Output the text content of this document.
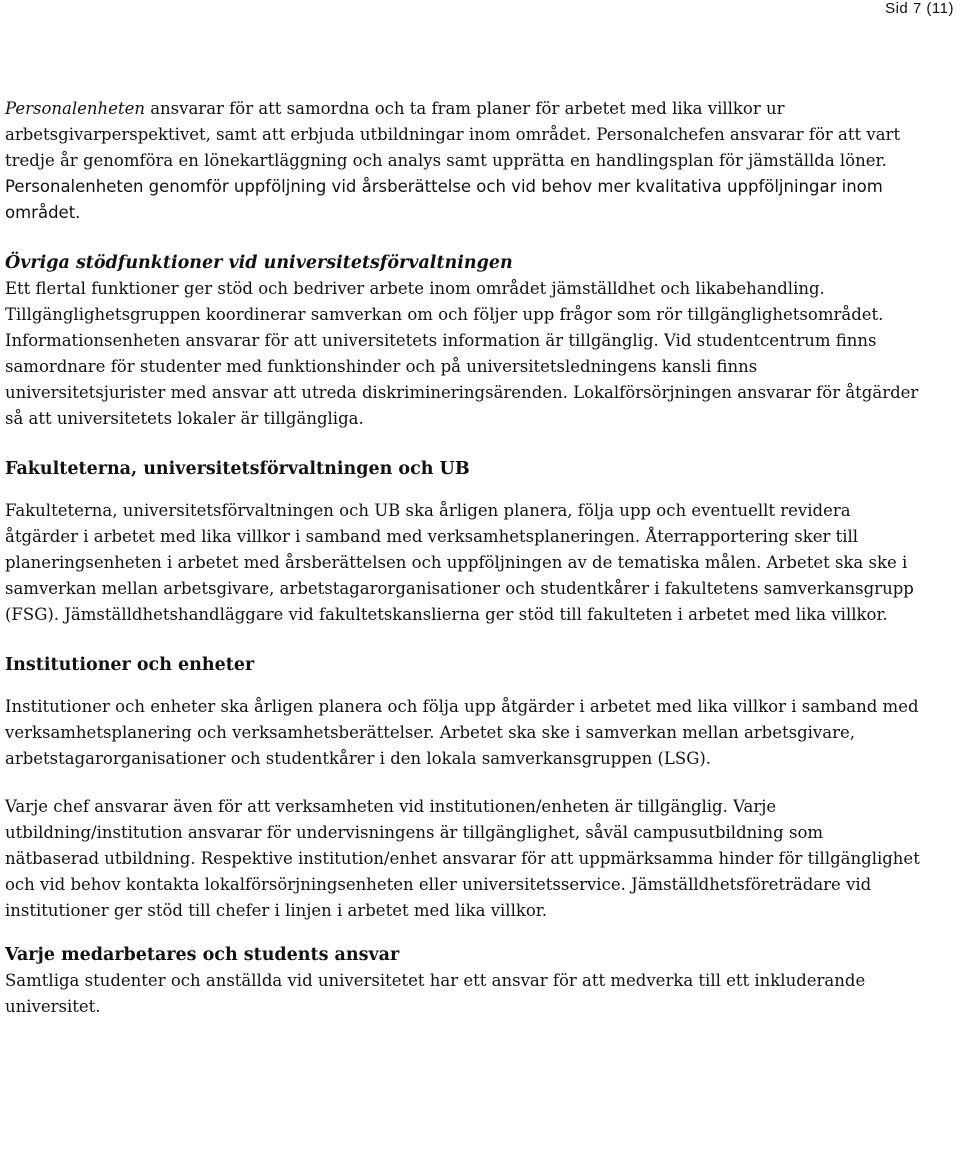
Sid 7 (11)

Personalenheten ansvarar för att samordna och ta fram planer för arbetet med lika villkor ur arbetsgivarperspektivet, samt att erbjuda utbildningar inom området. Personalchefen ansvarar för att vart tredje år genomföra en lönekartläggning och analys samt upprätta en handlingsplan för jämställda löner. Personalenheten genomför uppföljning vid årsberättelse och vid behov mer kvalitativa uppföljningar inom området.

Övriga stödfunktioner vid universitetsförvaltningen

Ett flertal funktioner ger stöd och bedriver arbete inom området jämställdhet och likabehandling. Tillgänglighetsgruppen koordinerar samverkan om och följer upp frågor som rör tillgänglighetsområdet. Informationsenheten ansvarar för att universitetets information är tillgänglig. Vid studentcentrum finns samordnare för studenter med funktionshinder och på universitetsledningens kansli finns universitetsjurister med ansvar att utreda diskrimineringsärenden. Lokalförsörjningen ansvarar för åtgärder så att universitetets lokaler är tillgängliga.

Fakulteterna, universitetsförvaltningen och UB

Fakulteterna, universitetsförvaltningen och UB ska årligen planera, följa upp och eventuellt revidera åtgärder i arbetet med lika villkor i samband med verksamhetsplaneringen. Återrapportering sker till planeringsenheten i arbetet med årsberättelsen och uppföljningen av de tematiska målen. Arbetet ska ske i samverkan mellan arbetsgivare, arbetstagarorganisationer och studentkårer i fakultetens samverkansgrupp (FSG). Jämställdhetshandläggare vid fakultetskanslierna ger stöd till fakulteten i arbetet med lika villkor.

Institutioner och enheter

Institutioner och enheter ska årligen planera och följa upp åtgärder i arbetet med lika villkor i samband med verksamhetsplanering och verksamhetsberättelser. Arbetet ska ske i samverkan mellan arbetsgivare, arbetstagarorganisationer och studentkårer i den lokala samverkansgruppen (LSG).

Varje chef ansvarar även för att verksamheten vid institutionen/enheten är tillgänglig. Varje utbildning/institution ansvarar för undervisningens är tillgänglighet, såväl campusutbildning som nätbaserad utbildning. Respektive institution/enhet ansvarar för att uppmärksamma hinder för tillgänglighet och vid behov kontakta lokalförsörjningsenheten eller universitetsservice. Jämställdhetsföreträdare vid institutioner ger stöd till chefer i linjen i arbetet med lika villkor.

Varje medarbetares och students ansvar

Samtliga studenter och anställda vid universitetet har ett ansvar för att medverka till ett inkluderande universitet.
